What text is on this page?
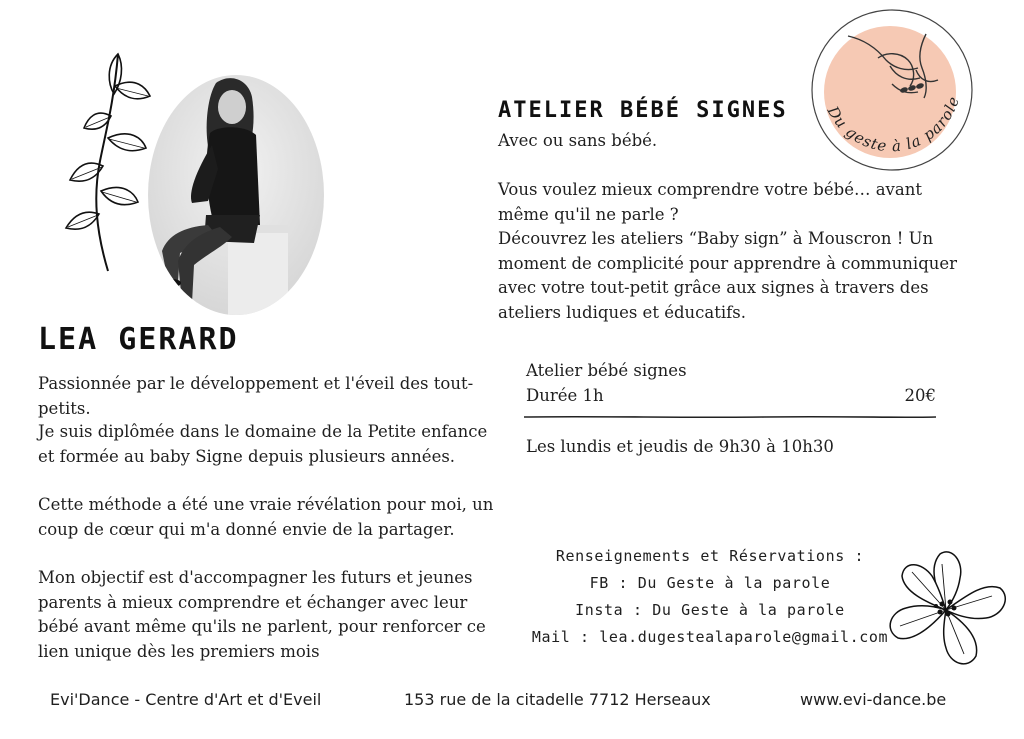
LEA GERARD
Passionnée par le développement et l'éveil des tout-petits.
Je suis diplômée dans le domaine de la Petite enfance et formée au baby Signe depuis plusieurs années.
Cette méthode a été une vraie révélation pour moi, un coup de cœur qui m'a donné envie de la partager.
Mon objectif est d'accompagner les futurs et jeunes parents à mieux comprendre et échanger avec leur bébé avant même qu'ils ne parlent, pour renforcer ce lien unique dès les premiers mois
ATELIER BÉBÉ SIGNES
Avec ou sans bébé.
Vous voulez mieux comprendre votre bébé… avant même qu'il ne parle ?
Découvrez les ateliers “Baby sign” à Mouscron ! Un moment de complicité pour apprendre à communiquer avec votre tout-petit grâce aux signes à travers des ateliers ludiques et éducatifs.
Du geste à la parole
Atelier bébé signes
Durée 1h	20€
Les lundis et jeudis de 9h30 à 10h30
Renseignements et Réservations :
FB : Du Geste à la parole
Insta : Du Geste à la parole
Mail : lea.dugestealaparole@gmail.com
Evi'Dance - Centre d'Art et d'Eveil	153 rue de la citadelle 7712 Herseaux	www.evi-dance.be
